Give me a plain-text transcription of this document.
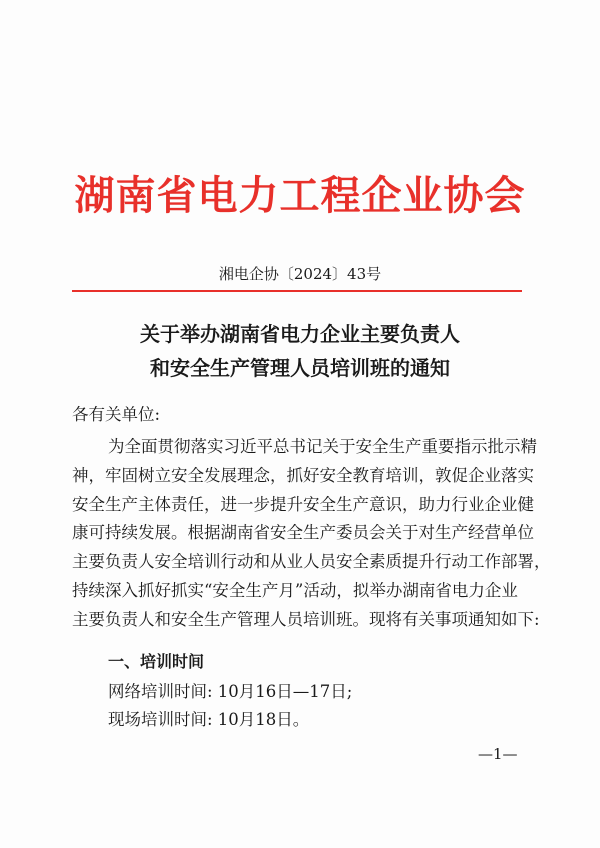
湖南省电力工程企业协会
湘电企协〔2024〕43号
关于举办湖南省电力企业主要负责人
和安全生产管理人员培训班的通知
各有关单位:
为全面贯彻落实习近平总书记关于安全生产重要指示批示精
神，牢固树立安全发展理念，抓好安全教育培训，敦促企业落实
安全生产主体责任，进一步提升安全生产意识，助力行业企业健
康可持续发展。根据湖南省安全生产委员会关于对生产经营单位
主要负责人安全培训行动和从业人员安全素质提升行动工作部署，
持续深入抓好抓实“安全生产月”活动，拟举办湖南省电力企业
主要负责人和安全生产管理人员培训班。现将有关事项通知如下:
一、培训时间
网络培训时间: 10月16日—17日;
现场培训时间: 10月18日。
—1—
